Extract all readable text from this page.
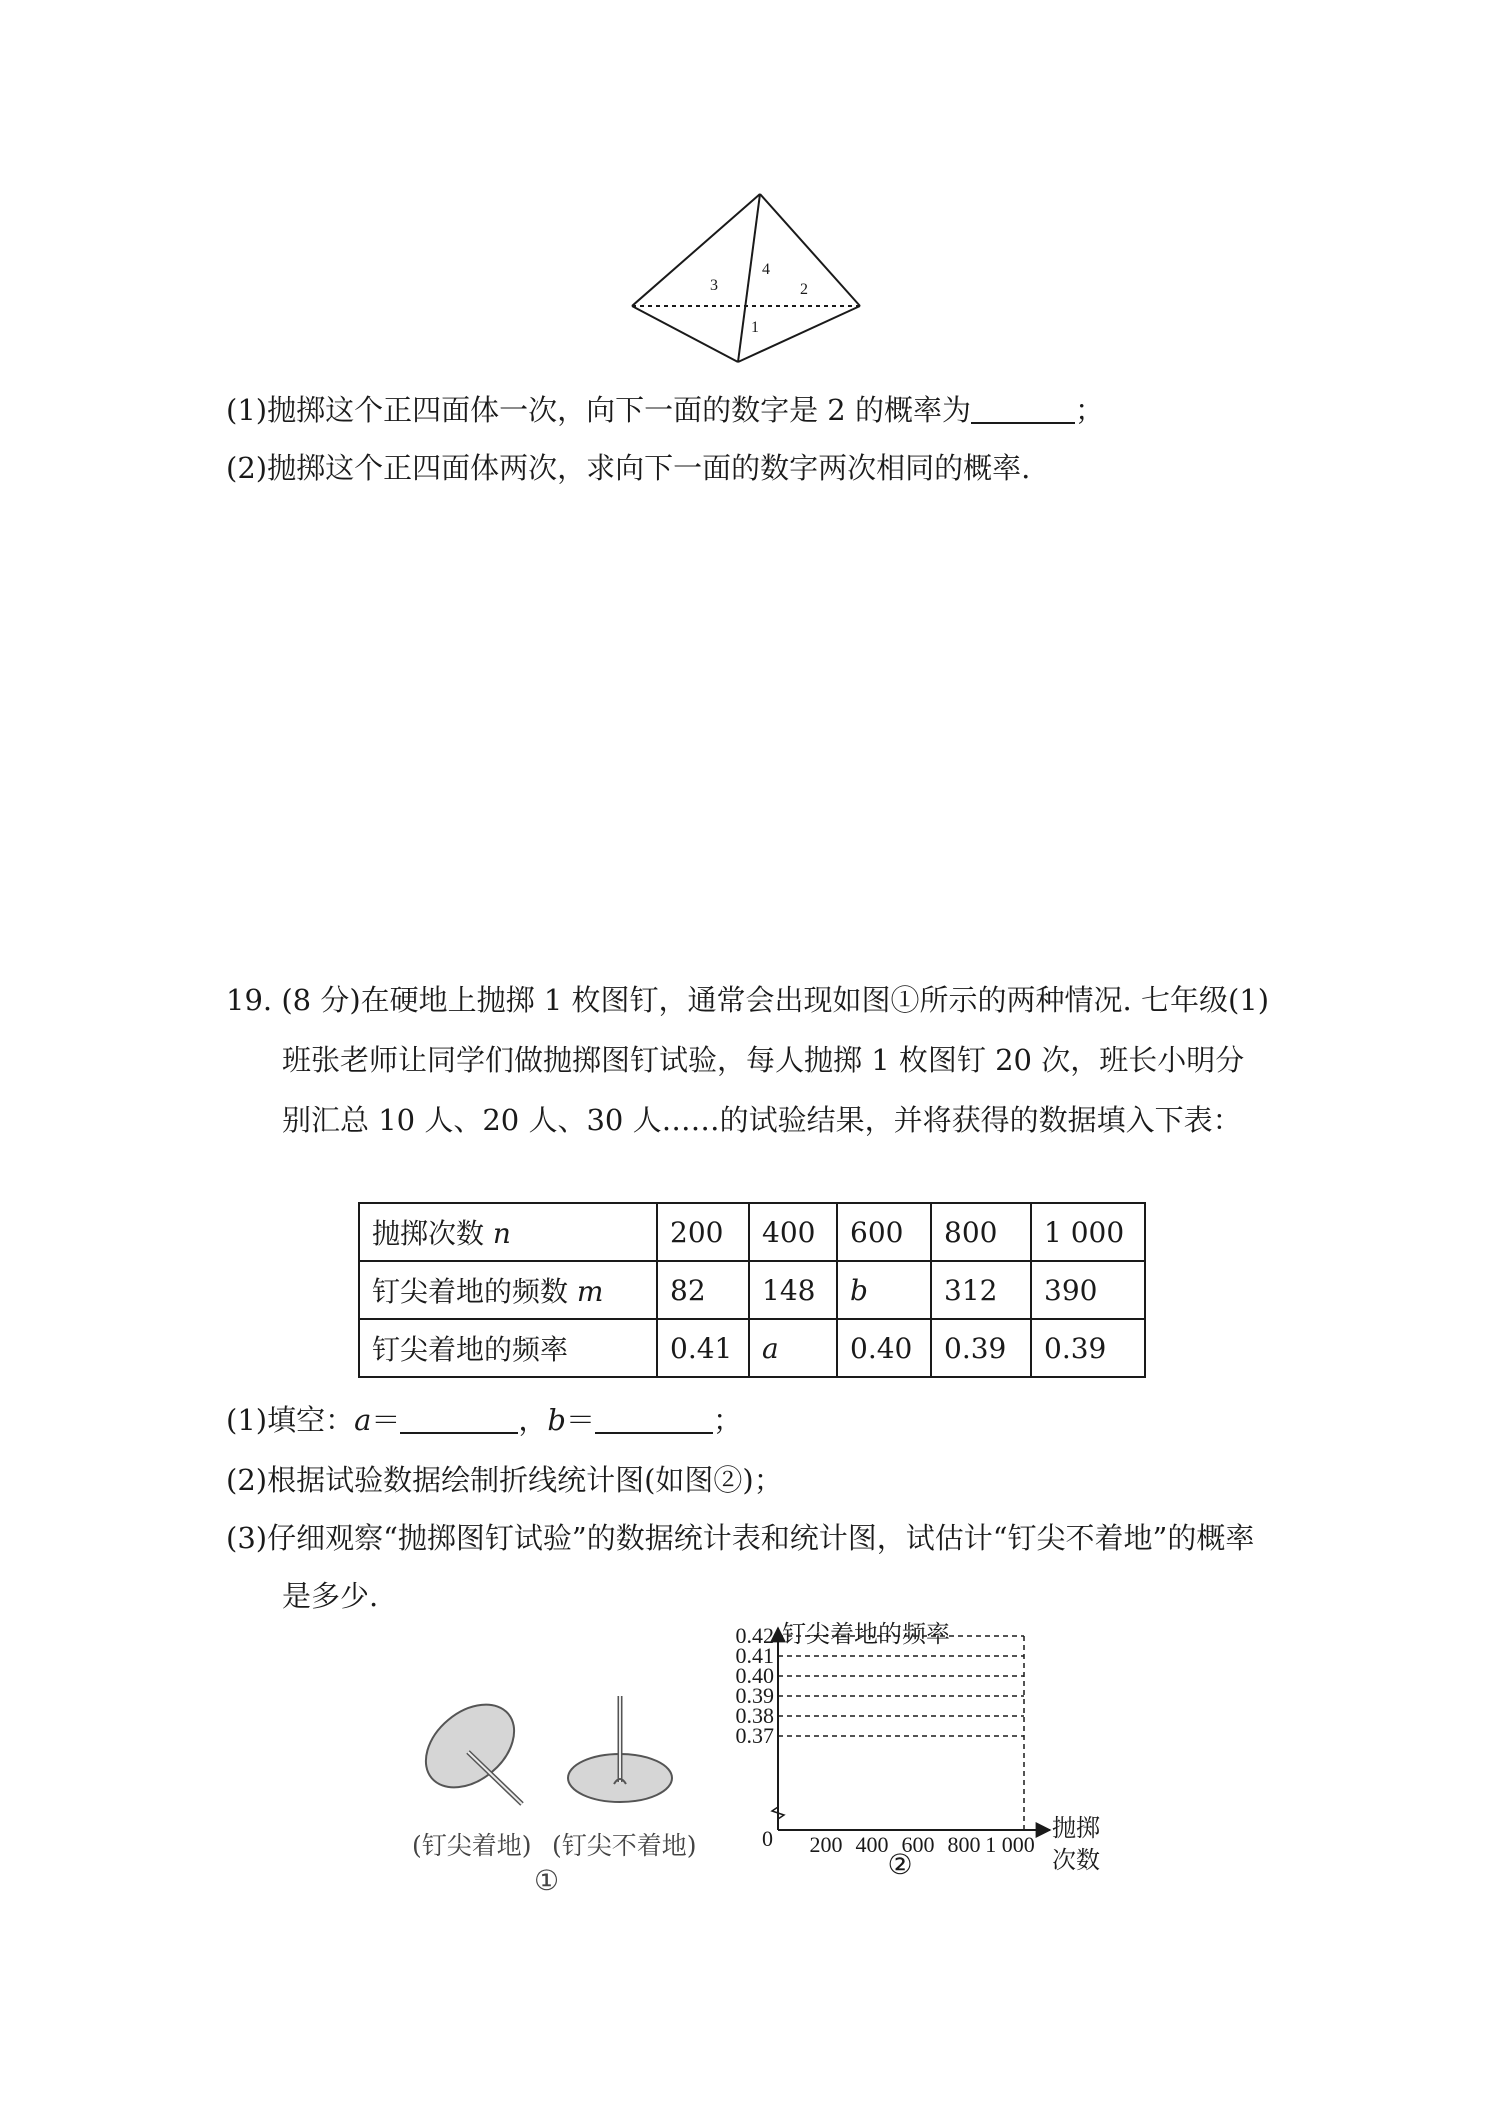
3
4
2
1
(1)抛掷这个正四面体一次，向下一面的数字是 2 的概率为	；
(2)抛掷这个正四面体两次，求向下一面的数字两次相同的概率.
19. (8 分)在硬地上抛掷 1 枚图钉，通常会出现如图①所示的两种情况. 七年级(1)
班张老师让同学们做抛掷图钉试验，每人抛掷 1 枚图钉 20 次，班长小明分
别汇总 10 人、20 人、30 人……的试验结果，并将获得的数据填入下表：
抛掷次数 n	200	400	600	800	1 000
钉尖着地的频数 m	82	148	b	312	390
钉尖着地的频率	0.41	a	0.40	0.39	0.39
(1)填空：a＝	，b＝	；
(2)根据试验数据绘制折线统计图(如图②)；
(3)仔细观察“抛掷图钉试验”的数据统计表和统计图，试估计“钉尖不着地”的概率
是多少.
(钉尖着地) (钉尖不着地)
①
0.42
0.41
0.40
0.39
0.38
0.37
200 400 600 800 1 000
钉尖着地的频率
0	抛掷
次数
②
